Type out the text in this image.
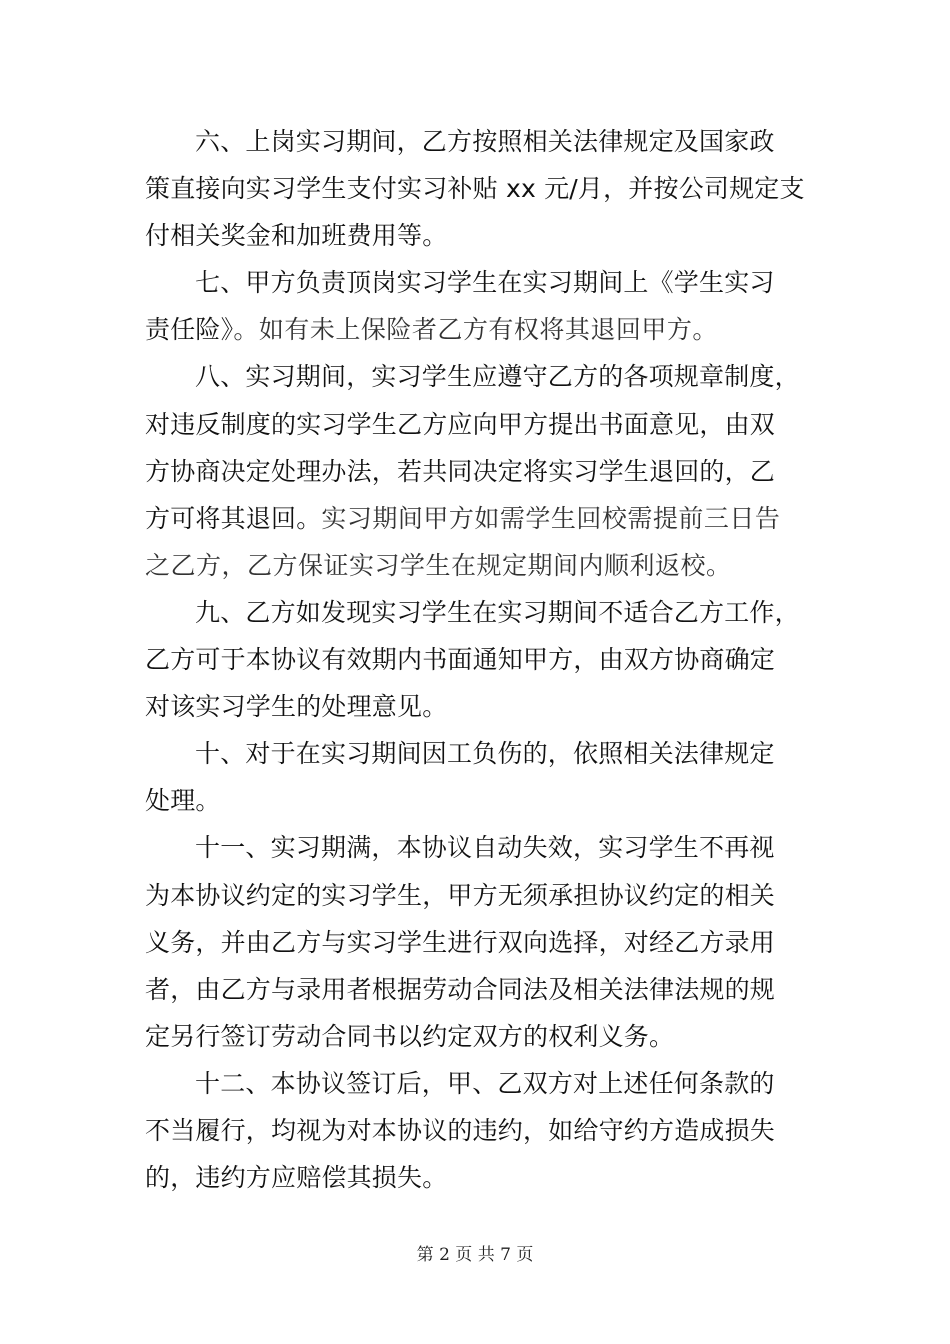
六、上岗实习期间，乙方按照相关法律规定及国家政
策直接向实习学生支付实习补贴 xx 元/月，并按公司规定支
付相关奖金和加班费用等。

七、甲方负责顶岗实习学生在实习期间上《学生实习
责任险》。如有未上保险者乙方有权将其退回甲方。

八、实习期间，实习学生应遵守乙方的各项规章制度，
对违反制度的实习学生乙方应向甲方提出书面意见，由双
方协商决定处理办法，若共同决定将实习学生退回的，乙
方可将其退回。实习期间甲方如需学生回校需提前三日告
之乙方，乙方保证实习学生在规定期间内顺利返校。

九、乙方如发现实习学生在实习期间不适合乙方工作，
乙方可于本协议有效期内书面通知甲方，由双方协商确定
对该实习学生的处理意见。

十、对于在实习期间因工负伤的，依照相关法律规定
处理。

十一、实习期满，本协议自动失效，实习学生不再视
为本协议约定的实习学生，甲方无须承担协议约定的相关
义务，并由乙方与实习学生进行双向选择，对经乙方录用
者，由乙方与录用者根据劳动合同法及相关法律法规的规
定另行签订劳动合同书以约定双方的权利义务。

十二、本协议签订后，甲、乙双方对上述任何条款的
不当履行，均视为对本协议的违约，如给守约方造成损失
的，违约方应赔偿其损失。

第 2 页 共 7 页
